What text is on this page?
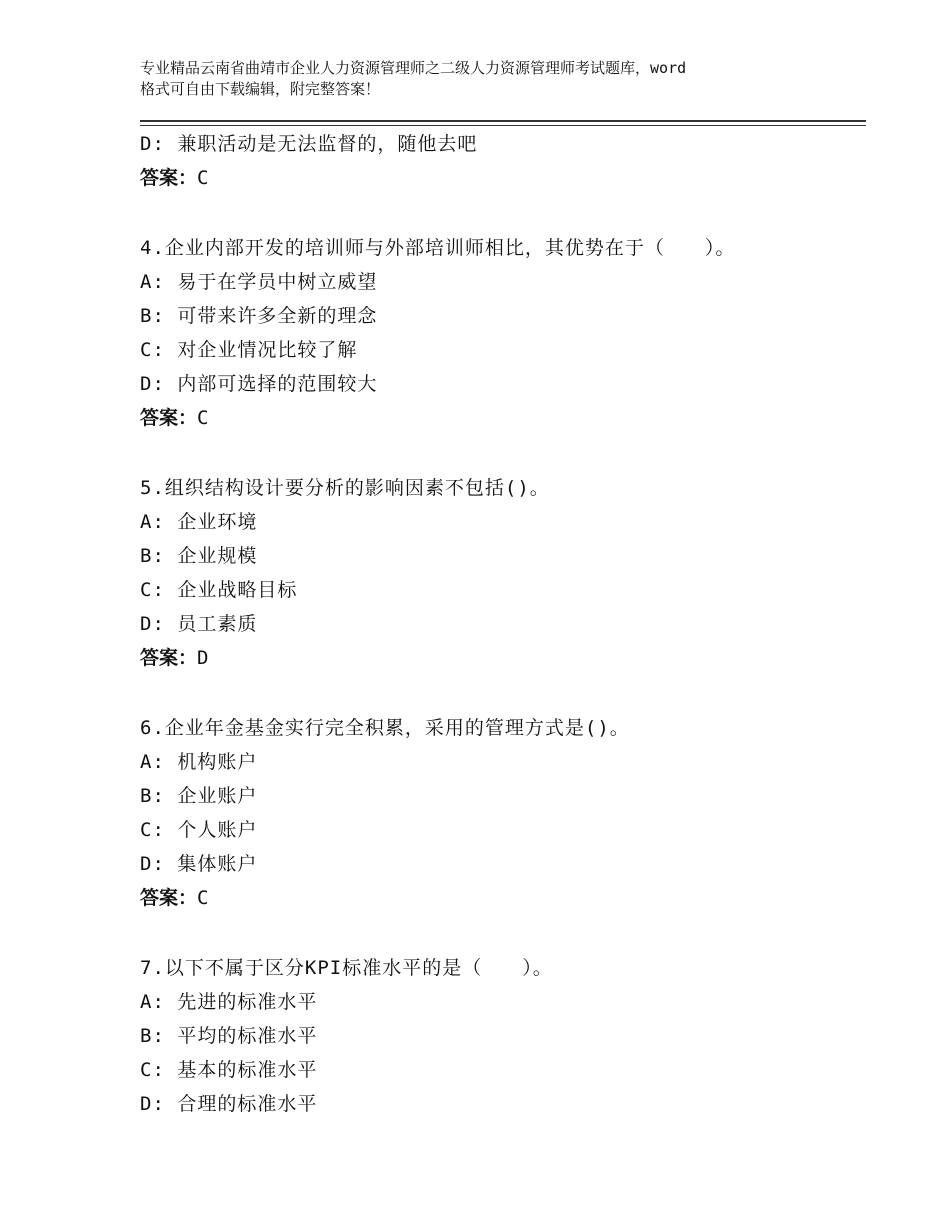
专业精品云南省曲靖市企业人力资源管理师之二级人力资源管理师考试题库，word
格式可自由下载编辑，附完整答案！
D: 兼职活动是无法监督的，随他去吧
答案：C
4.企业内部开发的培训师与外部培训师相比，其优势在于（　　）。
A: 易于在学员中树立威望
B: 可带来许多全新的理念
C: 对企业情况比较了解
D: 内部可选择的范围较大
答案：C
5.组织结构设计要分析的影响因素不包括()。
A: 企业环境
B: 企业规模
C: 企业战略目标
D: 员工素质
答案：D
6.企业年金基金实行完全积累，采用的管理方式是()。
A: 机构账户
B: 企业账户
C: 个人账户
D: 集体账户
答案：C
7.以下不属于区分KPI标准水平的是（　　）。
A: 先进的标准水平
B: 平均的标准水平
C: 基本的标准水平
D: 合理的标准水平
